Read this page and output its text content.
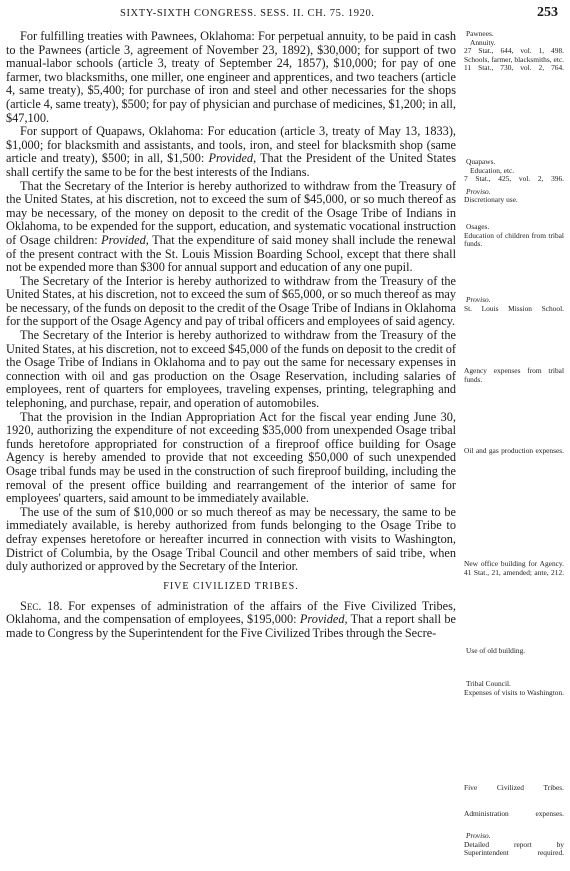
SIXTY-SIXTH CONGRESS. SESS. II. CH. 75. 1920.	253

For fulfilling treaties with Pawnees, Oklahoma: For perpetual annuity, to be paid in cash to the Pawnees (article 3, agreement of November 23, 1892), $30,000; for support of two manual-labor schools (article 3, treaty of September 24, 1857), $10,000; for pay of one farmer, two blacksmiths, one miller, one engineer and apprentices, and two teachers (article 4, same treaty), $5,400; for purchase of iron and steel and other necessaries for the shops (article 4, same treaty), $500; for pay of physician and purchase of medicines, $1,200; in all, $47,100.

For support of Quapaws, Oklahoma: For education (article 3, treaty of May 13, 1833), $1,000; for blacksmith and assistants, and tools, iron, and steel for blacksmith shop (same article and treaty), $500; in all, $1,500: Provided, That the President of the United States shall certify the same to be for the best interests of the Indians.

That the Secretary of the Interior is hereby authorized to withdraw from the Treasury of the United States, at his discretion, not to exceed the sum of $45,000, or so much thereof as may be necessary, of the money on deposit to the credit of the Osage Tribe of Indians in Oklahoma, to be expended for the support, education, and systematic vocational instruction of Osage children: Provided, That the expenditure of said money shall include the renewal of the present contract with the St. Louis Mission Boarding School, except that there shall not be expended more than $300 for annual support and education of any one pupil.

The Secretary of the Interior is hereby authorized to withdraw from the Treasury of the United States, at his discretion, not to exceed the sum of $65,000, or so much thereof as may be necessary, of the funds on deposit to the credit of the Osage Tribe of Indians in Oklahoma for the support of the Osage Agency and pay of tribal officers and employees of said agency.

The Secretary of the Interior is hereby authorized to withdraw from the Treasury of the United States, at his discretion, not to exceed $45,000 of the funds on deposit to the credit of the Osage Tribe of Indians in Oklahoma and to pay out the same for necessary expenses in connection with oil and gas production on the Osage Reservation, including salaries of employees, rent of quarters for employees, traveling expenses, printing, telegraphing and telephoning, and purchase, repair, and operation of automobiles.

That the provision in the Indian Appropriation Act for the fiscal year ending June 30, 1920, authorizing the expenditure of not exceeding $35,000 from unexpended Osage tribal funds heretofore appropriated for construction of a fireproof office building for Osage Agency is hereby amended to provide that not exceeding $50,000 of such unexpended Osage tribal funds may be used in the construction of such fireproof building, including the removal of the present office building and rearrangement of the interior of same for employees' quarters, said amount to be immediately available.

The use of the sum of $10,000 or so much thereof as may be necessary, the same to be immediately available, is hereby authorized from funds belonging to the Osage Tribe to defray expenses heretofore or hereafter incurred in connection with visits to Washington, District of Columbia, by the Osage Tribal Council and other members of said tribe, when duly authorized or approved by the Secretary of the Interior.

FIVE CIVILIZED TRIBES.

Sec. 18. For expenses of administration of the affairs of the Five Civilized Tribes, Oklahoma, and the compensation of employees, $195,000: Provided, That a report shall be made to Congress by the Superintendent for the Five Civilized Tribes through the Secre-

Pawnees.
Annuity.
27 Stat., 644, vol. 1, 498.
Schools, farmer, blacksmiths, etc.
11 Stat., 730, vol. 2, 764.
Quapaws.
Education, etc.
7 Stat., 425, vol. 2, 396.
Proviso.
Discretionary use.
Osages.
Education of children from tribal funds.
Proviso.
St. Louis Mission School.
Agency expenses from tribal funds.
Oil and gas production expenses.
New office building for Agency.
41 Stat., 21, amended; ante, 212.
Use of old building.
Tribal Council.
Expenses of visits to Washington.
Five Civilized Tribes.
Administration expenses.
Proviso.
Detailed report by Superintendent required.
